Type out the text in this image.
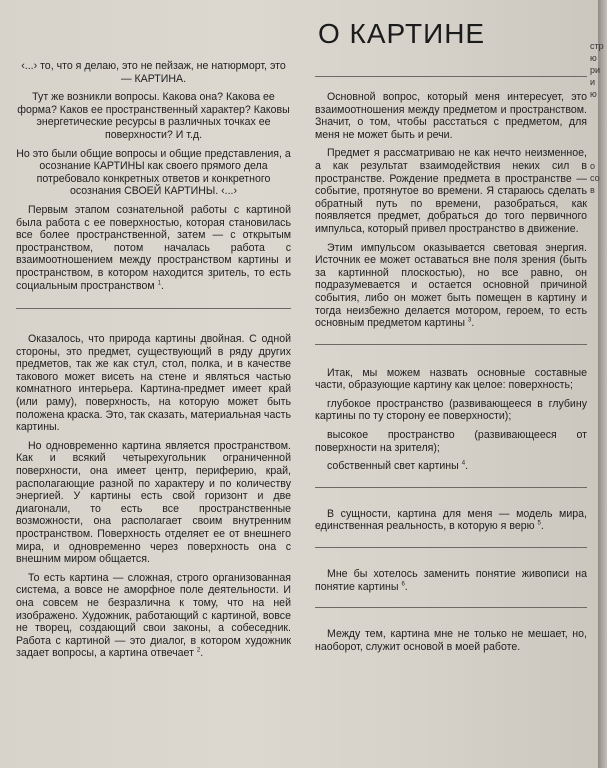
‹...› то, что я делаю, это не пейзаж, не натюрморт, это — КАРТИНА.

Тут же возникли вопросы. Какова она? Какова ее форма? Каков ее пространственный характер? Каковы энергетические ресурсы в различных точках ее поверхности? И т.д.

Но это были общие вопросы и общие представления, а осознание КАРТИНЫ как своего прямого дела потребовало конкретных ответов и конкретного осознания СВОЕЙ КАРТИНЫ. ‹...›

Первым этапом сознательной работы с картиной была работа с ее поверхностью, которая становилась все более пространственной, затем — с открытым пространством, потом началась работа с взаимоотношением между пространством картины и пространством, в котором находится зритель, то есть социальным пространством $^1$.

Оказалось, что природа картины двойная. С одной стороны, это предмет, существующий в ряду других предметов, так же как стул, стол, полка, и в качестве такового может висеть на стене и являться частью комнатного интерьера. Картина-предмет имеет край (или раму), поверхность, на которую может быть положена краска. Это, так сказать, материальная часть картины.

Но одновременно картина является пространством. Как и всякий четырехугольник ограниченной поверхности, она имеет центр, периферию, край, располагающие разной по характеру и по количеству энергией. У картины есть свой горизонт и две диагонали, то есть все пространственные возможности, она располагает своим внутренним пространством. Поверхность отделяет ее от внешнего мира, и одновременно через поверхность она с внешним миром общается.

То есть картина — сложная, строго организованная система, а вовсе не аморфное поле деятельности. И она совсем не безразлична к тому, что на ней изображено. Художник, работающий с картиной, вовсе не творец, создающий свои законы, а собеседник. Работа с картиной — это диалог, в котором художник задает вопросы, а картина отвечает $^2$.

О КАРТИНЕ

Основной вопрос, который меня интересует, это взаимоотношения между предметом и пространством. Значит, о том, чтобы расстаться с предметом, для меня не может быть и речи.

Предмет я рассматриваю не как нечто неизменное, а как результат взаимодействия неких сил в пространстве. Рождение предмета в пространстве — событие, протянутое во времени. Я стараюсь сделать обратный путь по времени, разобраться, как появляется предмет, добраться до того первичного импульса, который привел пространство в движение.

Этим импульсом оказывается световая энергия. Источник ее может оставаться вне поля зрения (быть за картинной плоскостью), но все равно, он подразумевается и остается основной причиной события, либо он может быть помещен в картину и тогда неизбежно делается мотором, героем, то есть основным предметом картины $^3$.

Итак, мы можем назвать основные составные части, образующие картину как целое: поверхность;

глубокое пространство (развивающееся в глубину картины по ту сторону ее поверхности);

высокое пространство (развивающееся от поверхности на зрителя);

собственный свет картины $^4$.

В сущности, картина для меня — модель мира, единственная реальность, в которую я верю $^5$.

Мне бы хотелось заменить понятие живописи на понятие картины $^6$.

Между тем, картина мне не только не мешает, но, наоборот, служит основой в моей работе.

стр
ю
ри
и
ю
о
со
в
